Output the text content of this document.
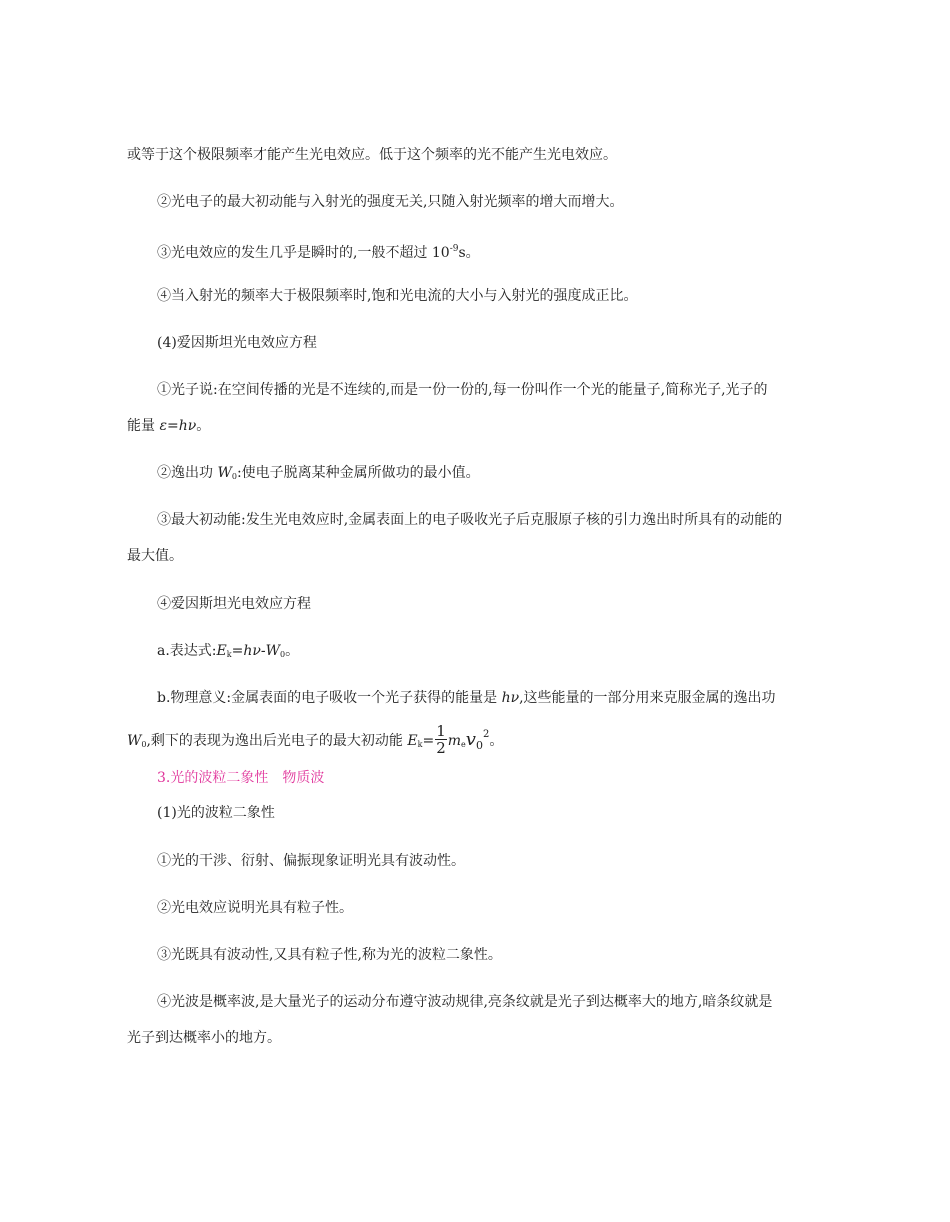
或等于这个极限频率才能产生光电效应。低于这个频率的光不能产生光电效应。
②光电子的最大初动能与入射光的强度无关,只随入射光频率的增大而增大。
③光电效应的发生几乎是瞬时的,一般不超过 $10^{-9}s$。
④当入射光的频率大于极限频率时,饱和光电流的大小与入射光的强度成正比。
(4)爱因斯坦光电效应方程
①光子说:在空间传播的光是不连续的,而是一份一份的,每一份叫作一个光的能量子,简称光子,光子的
能量 ε=hν。
②逸出功 $W_0$:使电子脱离某种金属所做功的最小值。
③最大初动能:发生光电效应时,金属表面上的电子吸收光子后克服原子核的引力逸出时所具有的动能的
最大值。
④爱因斯坦光电效应方程
a.表达式$:E_k=h\nu-W_0$。
b.物理意义:金属表面的电子吸收一个光子获得的能量是 hν,这些能量的一部分用来克服金属的逸出功
$W_0$,剩下的表现为逸出后光电子的最大初动能 $E_k= \frac{1}{2} m_ev_0^2$。
3.光的波粒二象性　物质波
(1)光的波粒二象性
①光的干涉、衍射、偏振现象证明光具有波动性。
②光电效应说明光具有粒子性。
③光既具有波动性,又具有粒子性,称为光的波粒二象性。
④光波是概率波,是大量光子的运动分布遵守波动规律,亮条纹就是光子到达概率大的地方,暗条纹就是
光子到达概率小的地方。
